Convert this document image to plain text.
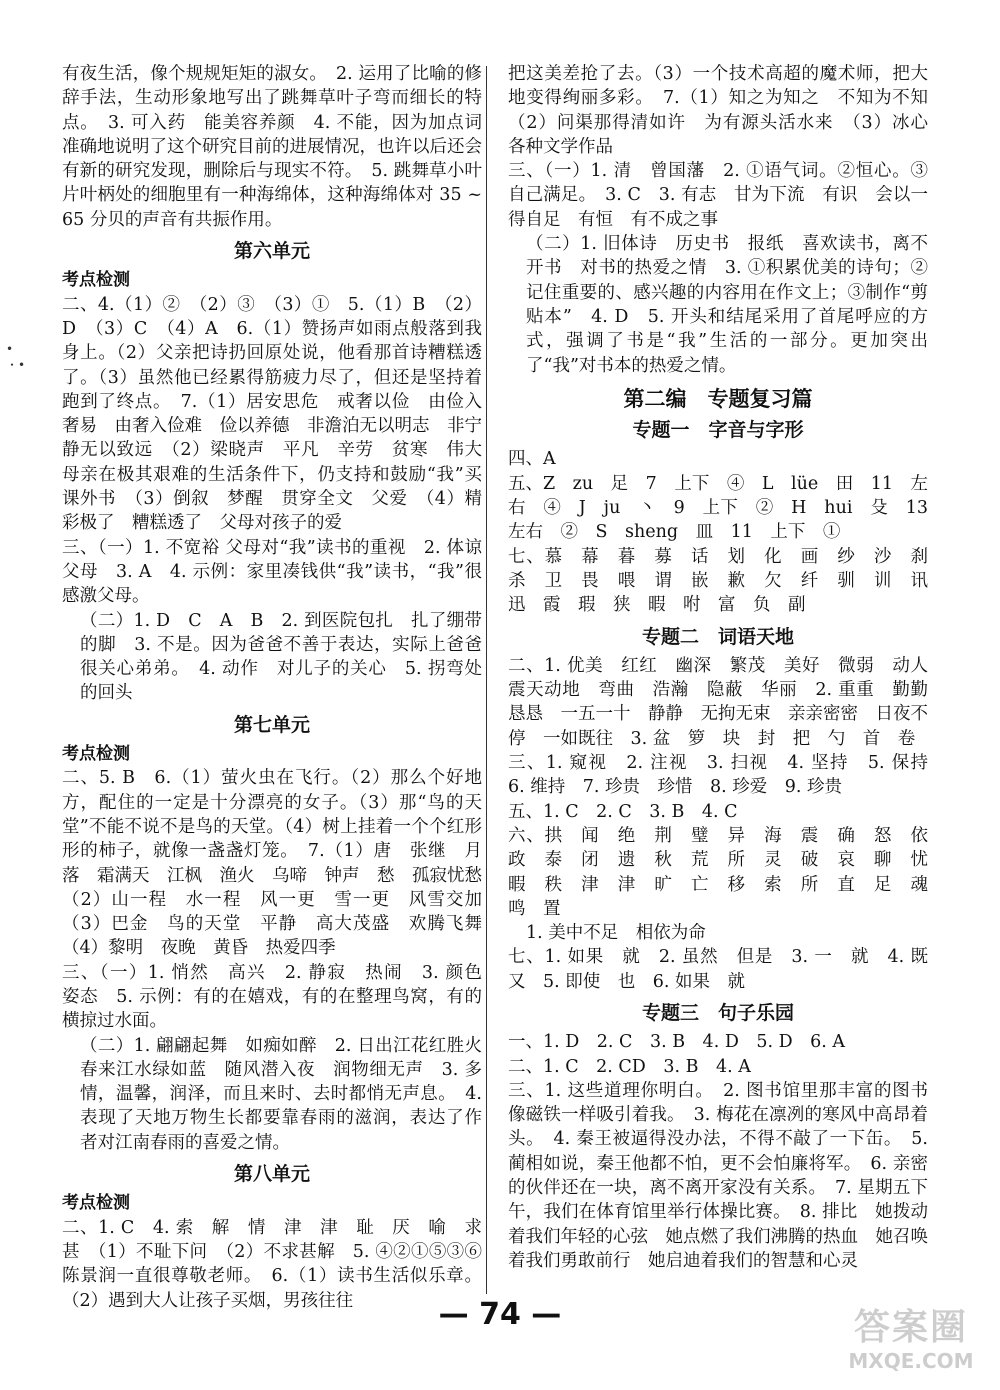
•
・•

有夜生活，像个规规矩矩的淑女。　2. 运用了比喻的修辞手法，生动形象地写出了跳舞草叶子弯而细长的特点。　3. 可入药　能美容养颜　4. 不能，因为加点词准确地说明了这个研究目前的进展情况，也许以后还会有新的研究发现，删除后与现实不符。　5. 跳舞草小叶片叶柄处的细胞里有一种海绵体，这种海绵体对 35 ~ 65 分贝的声音有共振作用。

第六单元
考点检测

二、4.（1）②　（2）③　（3）①　5.（1）B　（2）D　（3）C　（4）A　6.（1）赞扬声如雨点般落到我身上。（2）父亲把诗扔回原处说，他看那首诗糟糕透了。（3）虽然他已经累得筋疲力尽了，但还是坚持着跑到了终点。　7.（1）居安思危　戒奢以俭　由俭入奢易　由奢入俭难　俭以养德　非澹泊无以明志　非宁静无以致远　（2）梁晓声　平凡　辛劳　贫寒　伟大　母亲在极其艰难的生活条件下，仍支持和鼓励“我”买课外书　（3）倒叙　梦醒　贯穿全文　父爱　（4）精彩极了　糟糕透了　父母对孩子的爱

三、（一）1. 不宽裕 父母对“我”读书的重视　2. 体谅父母　3. A　4. 示例：家里凑钱供“我”读书，“我”很感激父母。

（二）1. D　C　A　B　2. 到医院包扎　扎了绷带的脚　3. 不是。因为爸爸不善于表达，实际上爸爸很关心弟弟。　4. 动作　对儿子的关心　5. 拐弯处的回头

第七单元
考点检测

二、5. B　6.（1）萤火虫在飞行。（2）那么个好地方，配住的一定是十分漂亮的女子。（3）那“鸟的天堂”不能不说不是鸟的天堂。（4）树上挂着一个个红形形的柿子，就像一盏盏灯笼。　7.（1）唐　张继　月落　霜满天　江枫　渔火　乌啼　钟声　愁　孤寂忧愁　（2）山一程　水一程　风一更　雪一更　风雪交加　（3）巴金　鸟的天堂　平静　高大茂盛　欢腾飞舞　（4）黎明　夜晚　黄昏　热爱四季

三、（一）1. 悄然　高兴　2. 静寂　热闹　3. 颜色　姿态　5. 示例：有的在嬉戏，有的在整理鸟窝，有的横掠过水面。

（二）1. 翩翩起舞　如痴如醉　2. 日出江花红胜火　春来江水绿如蓝　随风潜入夜　润物细无声　3. 多情，温馨，润泽，而且来时、去时都悄无声息。　4. 表现了天地万物生长都要靠春雨的滋润，表达了作者对江南春雨的喜爱之情。

第八单元
考点检测

二、1. C　4. 索　解　情　津　津　耻　厌　喻　求　甚　（1）不耻下问　（2）不求甚解　5. ④②①⑤③⑥　陈景润一直很尊敬老师。　6.（1）读书生活似乐章。（2）遇到大人让孩子买烟，男孩往往

把这美差抢了去。（3）一个技术高超的魔术师，把大地变得绚丽多彩。　7.（1）知之为知之　不知为不知　（2）问渠那得清如许　为有源头活水来　（3）冰心　各种文学作品

三、（一）1. 清　曾国藩　2. ①语气词。②恒心。③自己满足。　3. C　3. 有志　甘为下流　有识　会以一得自足　有恒　有不成之事

（二）1. 旧体诗　历史书　报纸　喜欢读书，离不开书　对书的热爱之情　3. ①积累优美的诗句；②记住重要的、感兴趣的内容用在作文上；③制作“剪贴本”　4. D　5. 开头和结尾采用了首尾呼应的方式，强调了书是“我”生活的一部分。更加突出了“我”对书本的热爱之情。

第二编　专题复习篇
专题一　字音与字形

四、A

五、Z　zu　足　7　上下　④　L　lüe　田　11　左右　④　J　ju　丶　9　上下　②　H　hui　殳　13　左右　②　S　sheng　皿　11　上下　①

七、慕　幕　暮　募　话　划　化　画　纱　沙　刹　杀　卫　畏　喂　谓　嵌　歉　欠　纤　驯　训　讯　迅　霞　瑕　狭　暇　咐　富　负　副

专题二　词语天地

二、1. 优美　红红　幽深　繁茂　美好　微弱　动人　震天动地　弯曲　浩瀚　隐蔽　华丽　2. 重重　勤勤恳恳　一五一十　静静　无拘无束　亲亲密密　日夜不停　一如既往　3. 盆　箩　块　封　把　勺　首　卷

三、1. 窥视　2. 注视　3. 扫视　4. 坚持　5. 保持　6. 维持　7. 珍贵　珍惜　8. 珍爱　9. 珍贵

五、1. C　2. C　3. B　4. C

六、拱　闻　绝　荆　璧　异　海　震　确　怒　依　政　泰　闭　遗　秋　荒　所　灵　破　哀　聊　忧　暇　秩　津　津　旷　亡　移　索　所　直　足　魂　鸣　置

1. 美中不足　相依为命

七、1. 如果　就　2. 虽然　但是　3. 一　就　4. 既　又　5. 即使　也　6. 如果　就

专题三　句子乐园

一、1. D　2. C　3. B　4. D　5. D　6. A

二、1. C　2. CD　3. B　4. A

三、1. 这些道理你明白。　2. 图书馆里那丰富的图书像磁铁一样吸引着我。　3. 梅花在凛冽的寒风中高昂着头。　4. 秦王被逼得没办法，不得不敲了一下缶。　5. 蔺相如说，秦王他都不怕，更不会怕廉将军。　6. 亲密的伙伴还在一块，离不离开家没有关系。　7. 星期五下午，我们在体育馆里举行体操比赛。　8. 排比　她拨动着我们年轻的心弦　她点燃了我们沸腾的热血　她召唤着我们勇敢前行　她启迪着我们的智慧和心灵

— 74 —	答案圈
MXQE.COM
